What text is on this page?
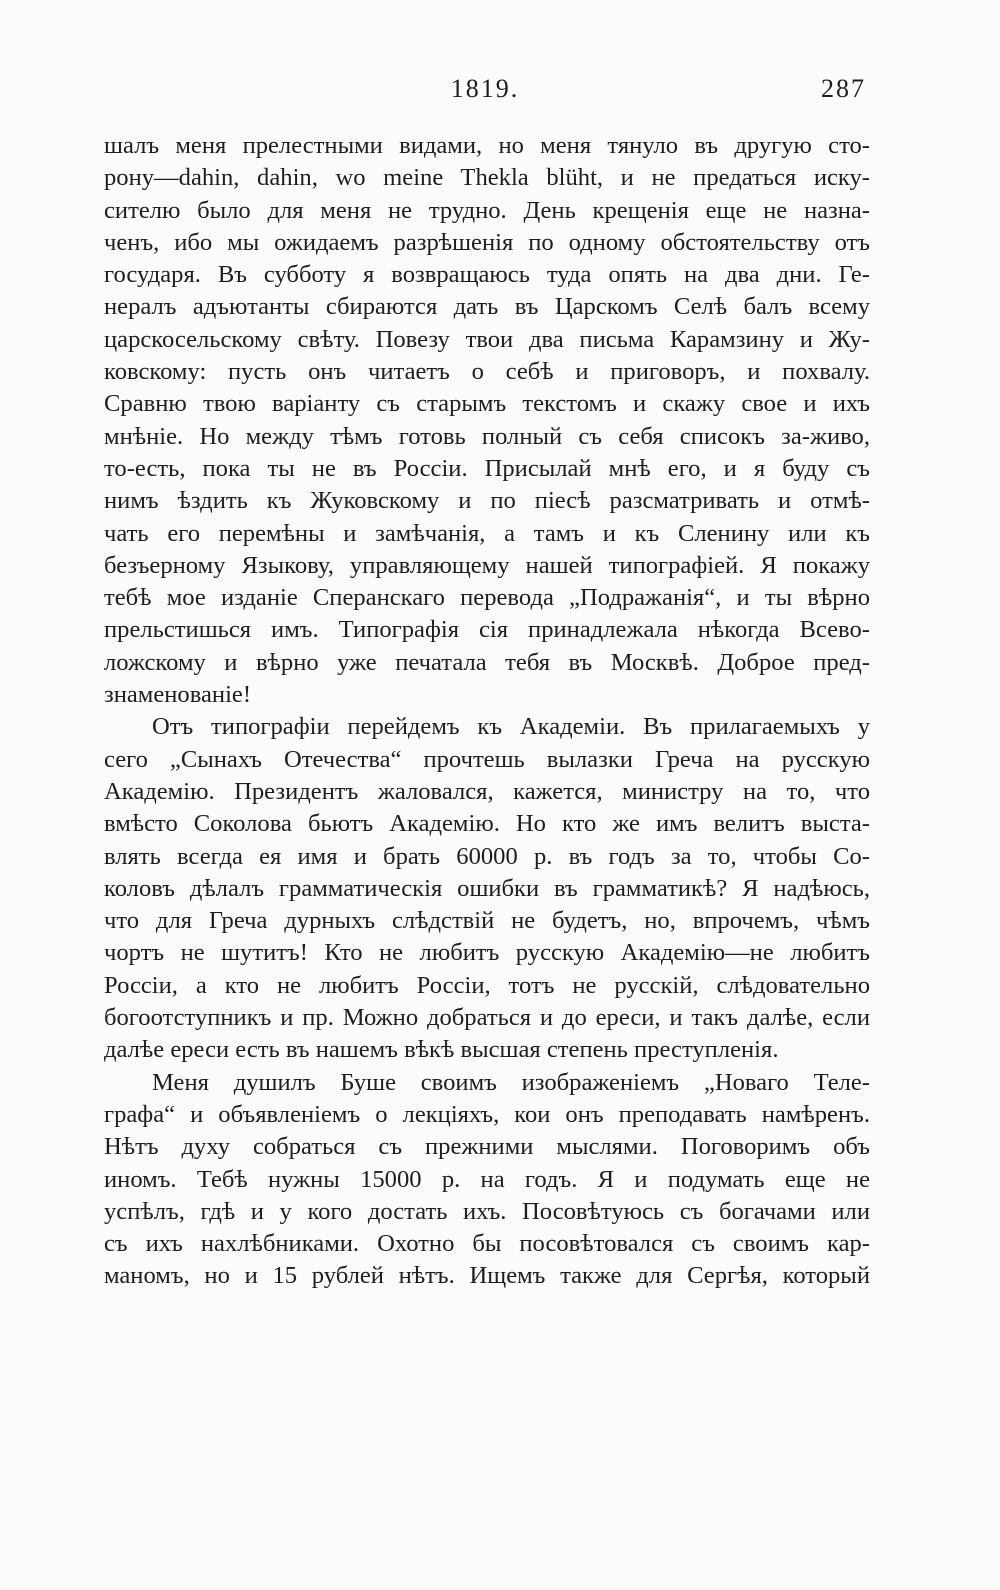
1819.	287
шалъ меня прелестными видами, но меня тянуло въ другую сто-
рону—dahin, dahin, wo meine Thekla blüht, и не предаться иску-
сителю было для меня не трудно. День крещенія еще не назна-
ченъ, ибо мы ожидаемъ разрѣшенія по одному обстоятельству отъ
государя. Въ субботу я возвращаюсь туда опять на два дни. Ге-
нералъ адъютанты сбираются дать въ Царскомъ Селѣ балъ всему
царскосельскому свѣту. Повезу твои два письма Карамзину и Жу-
ковскому: пусть онъ читаетъ о себѣ и приговоръ, и похвалу.
Сравню твою варіанту съ старымъ текстомъ и скажу свое и ихъ
мнѣніе. Но между тѣмъ готовь полный съ себя списокъ за-живо,
то-есть, пока ты не въ Россіи. Присылай мнѣ его, и я буду съ
нимъ ѣздить къ Жуковскому и по піесѣ разсматривать и отмѣ-
чать его перемѣны и замѣчанія, а тамъ и къ Сленину или къ
безъерному Языкову, управляющему нашей типографіей. Я покажу
тебѣ мое изданіе Сперанскаго перевода „Подражанія“, и ты вѣрно
прельстишься имъ. Типографія сія принадлежала нѣкогда Всево-
ложскому и вѣрно уже печатала тебя въ Москвѣ. Доброе пред-
знаменованіе!
Отъ типографіи перейдемъ къ Академіи. Въ прилагаемыхъ у
сего „Сынахъ Отечества“ прочтешь вылазки Греча на русскую
Академію. Президентъ жаловался, кажется, министру на то, что
вмѣсто Соколова бьютъ Академію. Но кто же имъ велитъ выста-
влять всегда ея имя и брать 60000 р. въ годъ за то, чтобы Со-
коловъ дѣлалъ грамматическія ошибки въ грамматикѣ? Я надѣюсь,
что для Греча дурныхъ слѣдствій не будетъ, но, впрочемъ, чѣмъ
чортъ не шутитъ! Кто не любитъ русскую Академію—не любитъ
Россіи, а кто не любитъ Россіи, тотъ не русскій, слѣдовательно
богоотступникъ и пр. Можно добраться и до ереси, и такъ далѣе, если
далѣе ереси есть въ нашемъ вѣкѣ высшая степень преступленія.
Меня душилъ Буше своимъ изображеніемъ „Новаго Теле-
графа“ и объявленіемъ о лекціяхъ, кои онъ преподавать намѣренъ.
Нѣтъ духу собраться съ прежними мыслями. Поговоримъ объ
иномъ. Тебѣ нужны 15000 р. на годъ. Я и подумать еще не
успѣлъ, гдѣ и у кого достать ихъ. Посовѣтуюсь съ богачами или
съ ихъ нахлѣбниками. Охотно бы посовѣтовался съ своимъ кар-
маномъ, но и 15 рублей нѣтъ. Ищемъ также для Сергѣя, который
